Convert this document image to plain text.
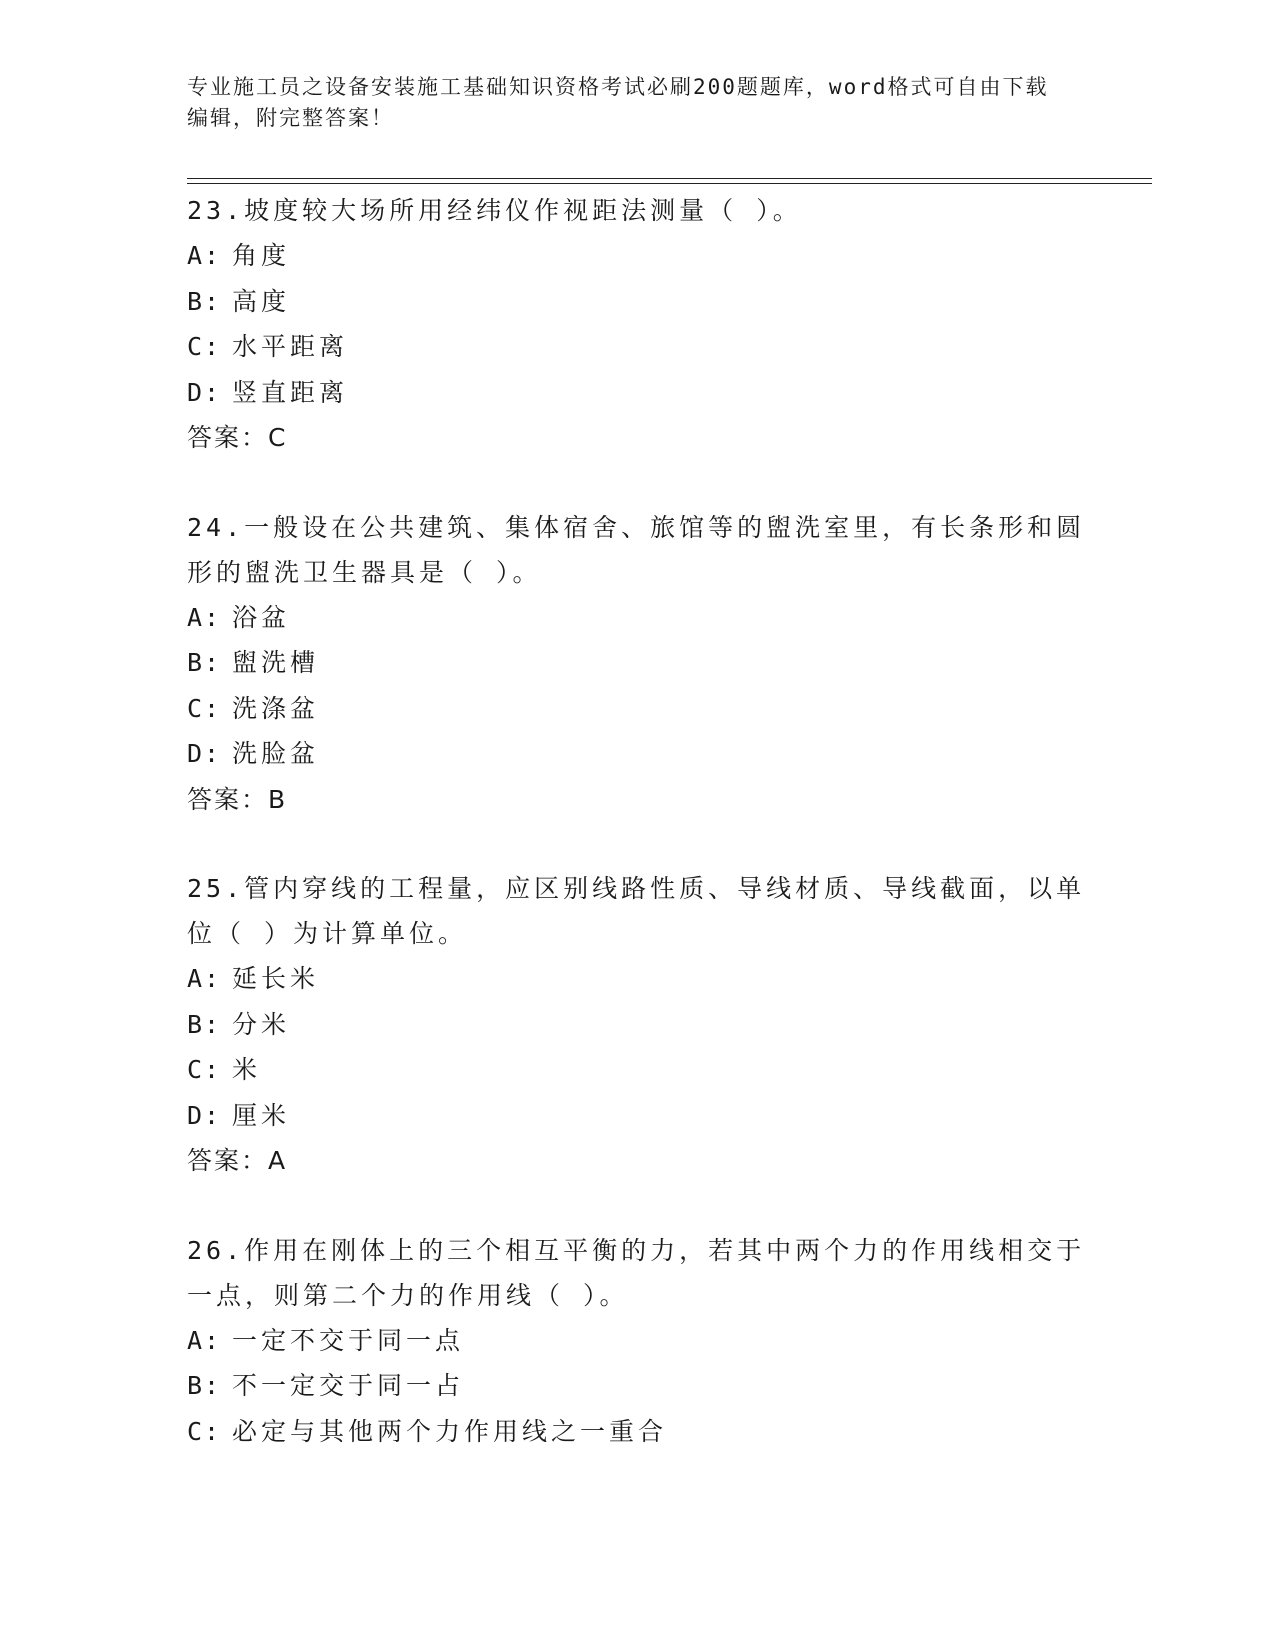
专业施工员之设备安装施工基础知识资格考试必刷200题题库，word格式可自由下载编辑，附完整答案！
23.坡度较大场所用经纬仪作视距法测量（ ）。
A: 角度
B: 高度
C: 水平距离
D: 竖直距离
答案：C
24.一般设在公共建筑、集体宿舍、旅馆等的盥洗室里，有长条形和圆形的盥洗卫生器具是（ ）。
A: 浴盆
B: 盥洗槽
C: 洗涤盆
D: 洗脸盆
答案：B
25.管内穿线的工程量，应区别线路性质、导线材质、导线截面，以单位（ ）为计算单位。
A: 延长米
B: 分米
C: 米
D: 厘米
答案：A
26.作用在刚体上的三个相互平衡的力，若其中两个力的作用线相交于一点，则第二个力的作用线（ ）。
A: 一定不交于同一点
B: 不一定交于同一占
C: 必定与其他两个力作用线之一重合
